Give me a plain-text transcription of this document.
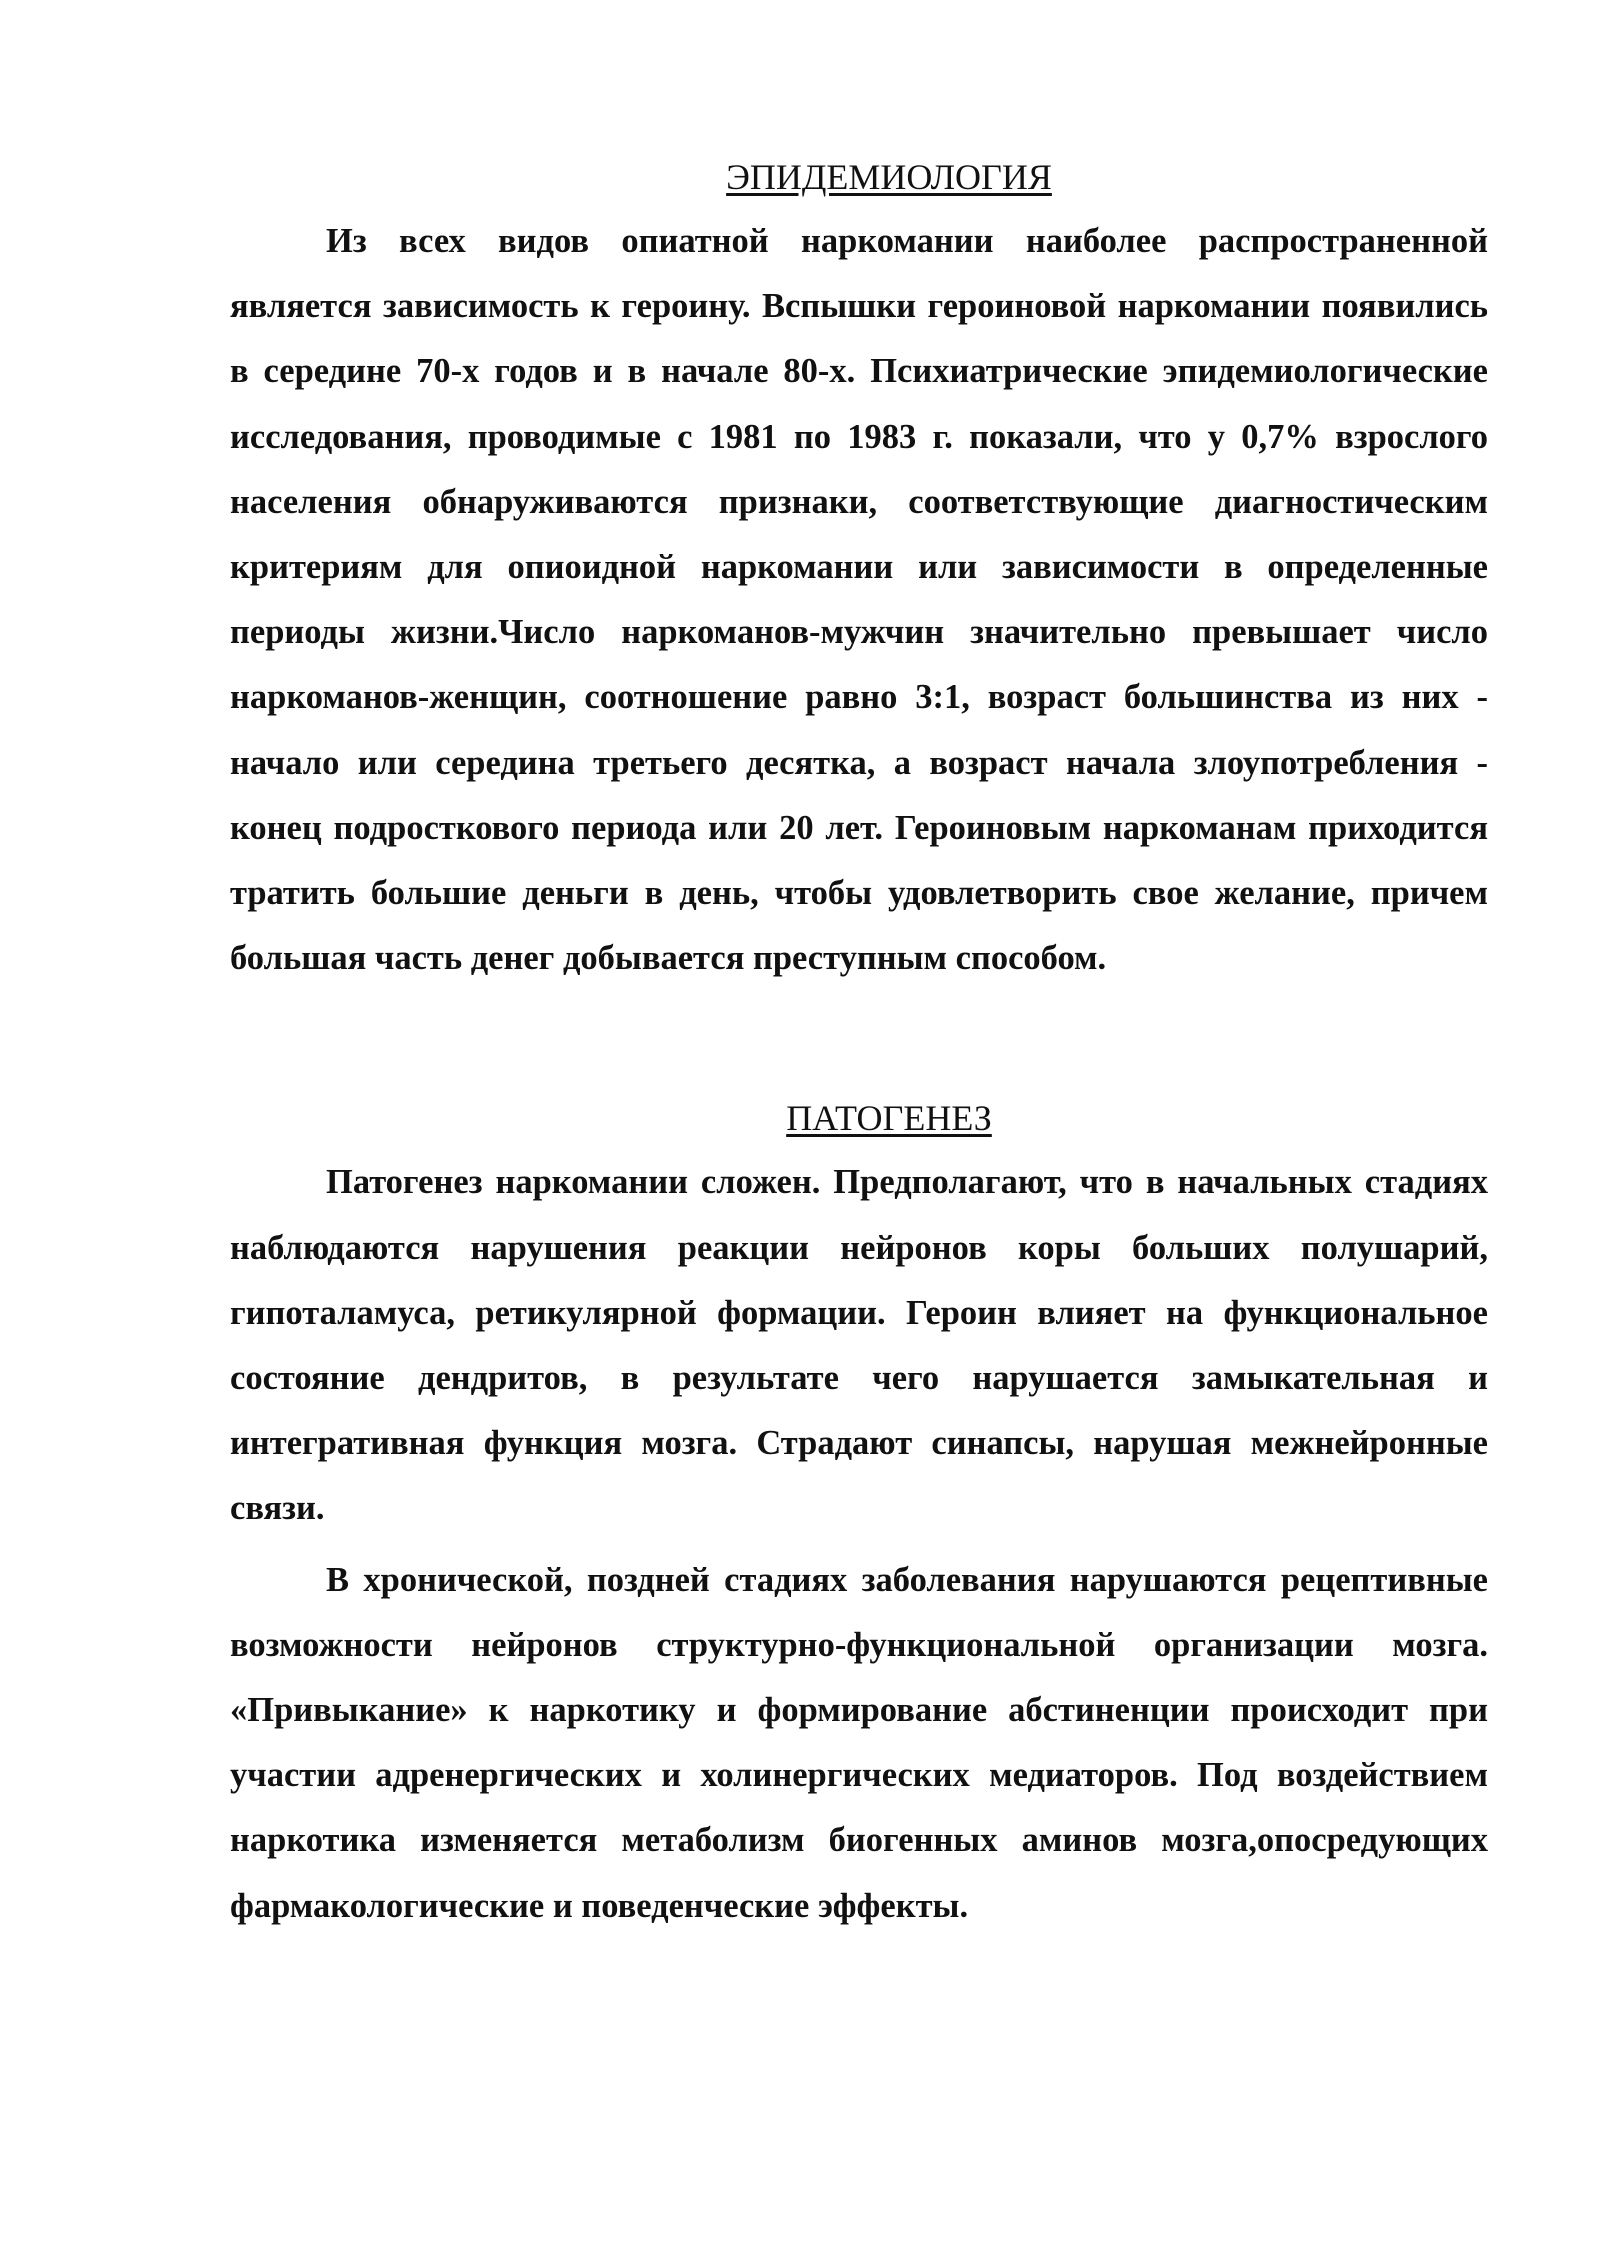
ЭПИДЕМИОЛОГИЯ

Из всех видов опиатной наркомании наиболее распространенной является зависимость к героину. Вспышки героиновой наркомании появились в середине 70-х годов и в начале 80-х. Психиатрические эпидемиологические исследования, проводимые с 1981 по 1983 г. показали, что у 0,7% взрослого населения обнаруживаются признаки, соответствующие диагностическим критериям для опиоидной наркомании или зависимости в определенные периоды жизни.Число наркоманов-мужчин значительно превышает число наркоманов-женщин, соотношение равно 3:1, возраст большинства из них - начало или середина третьего десятка, а возраст начала злоупотребления - конец подросткового периода или 20 лет. Героиновым наркоманам приходится тратить большие деньги в день, чтобы удовлетворить свое желание, причем большая часть денег добывается преступным способом.

ПАТОГЕНЕЗ

Патогенез наркомании сложен. Предполагают, что в начальных стадиях наблюдаются нарушения реакции нейронов коры больших полушарий, гипоталамуса, ретикулярной формации. Героин влияет на функциональное состояние дендритов, в результате чего нарушается замыкательная и интегративная функция мозга. Страдают синапсы, нарушая межнейронные связи.

В хронической, поздней стадиях заболевания нарушаются рецептивные возможности нейронов структурно-функциональной организации мозга. «Привыкание» к наркотику и формирование абстиненции происходит при участии адренергических и холинергических медиаторов. Под воздействием наркотика изменяется метаболизм биогенных аминов мозга,опосредующих фармакологические и поведенческие эффекты.
